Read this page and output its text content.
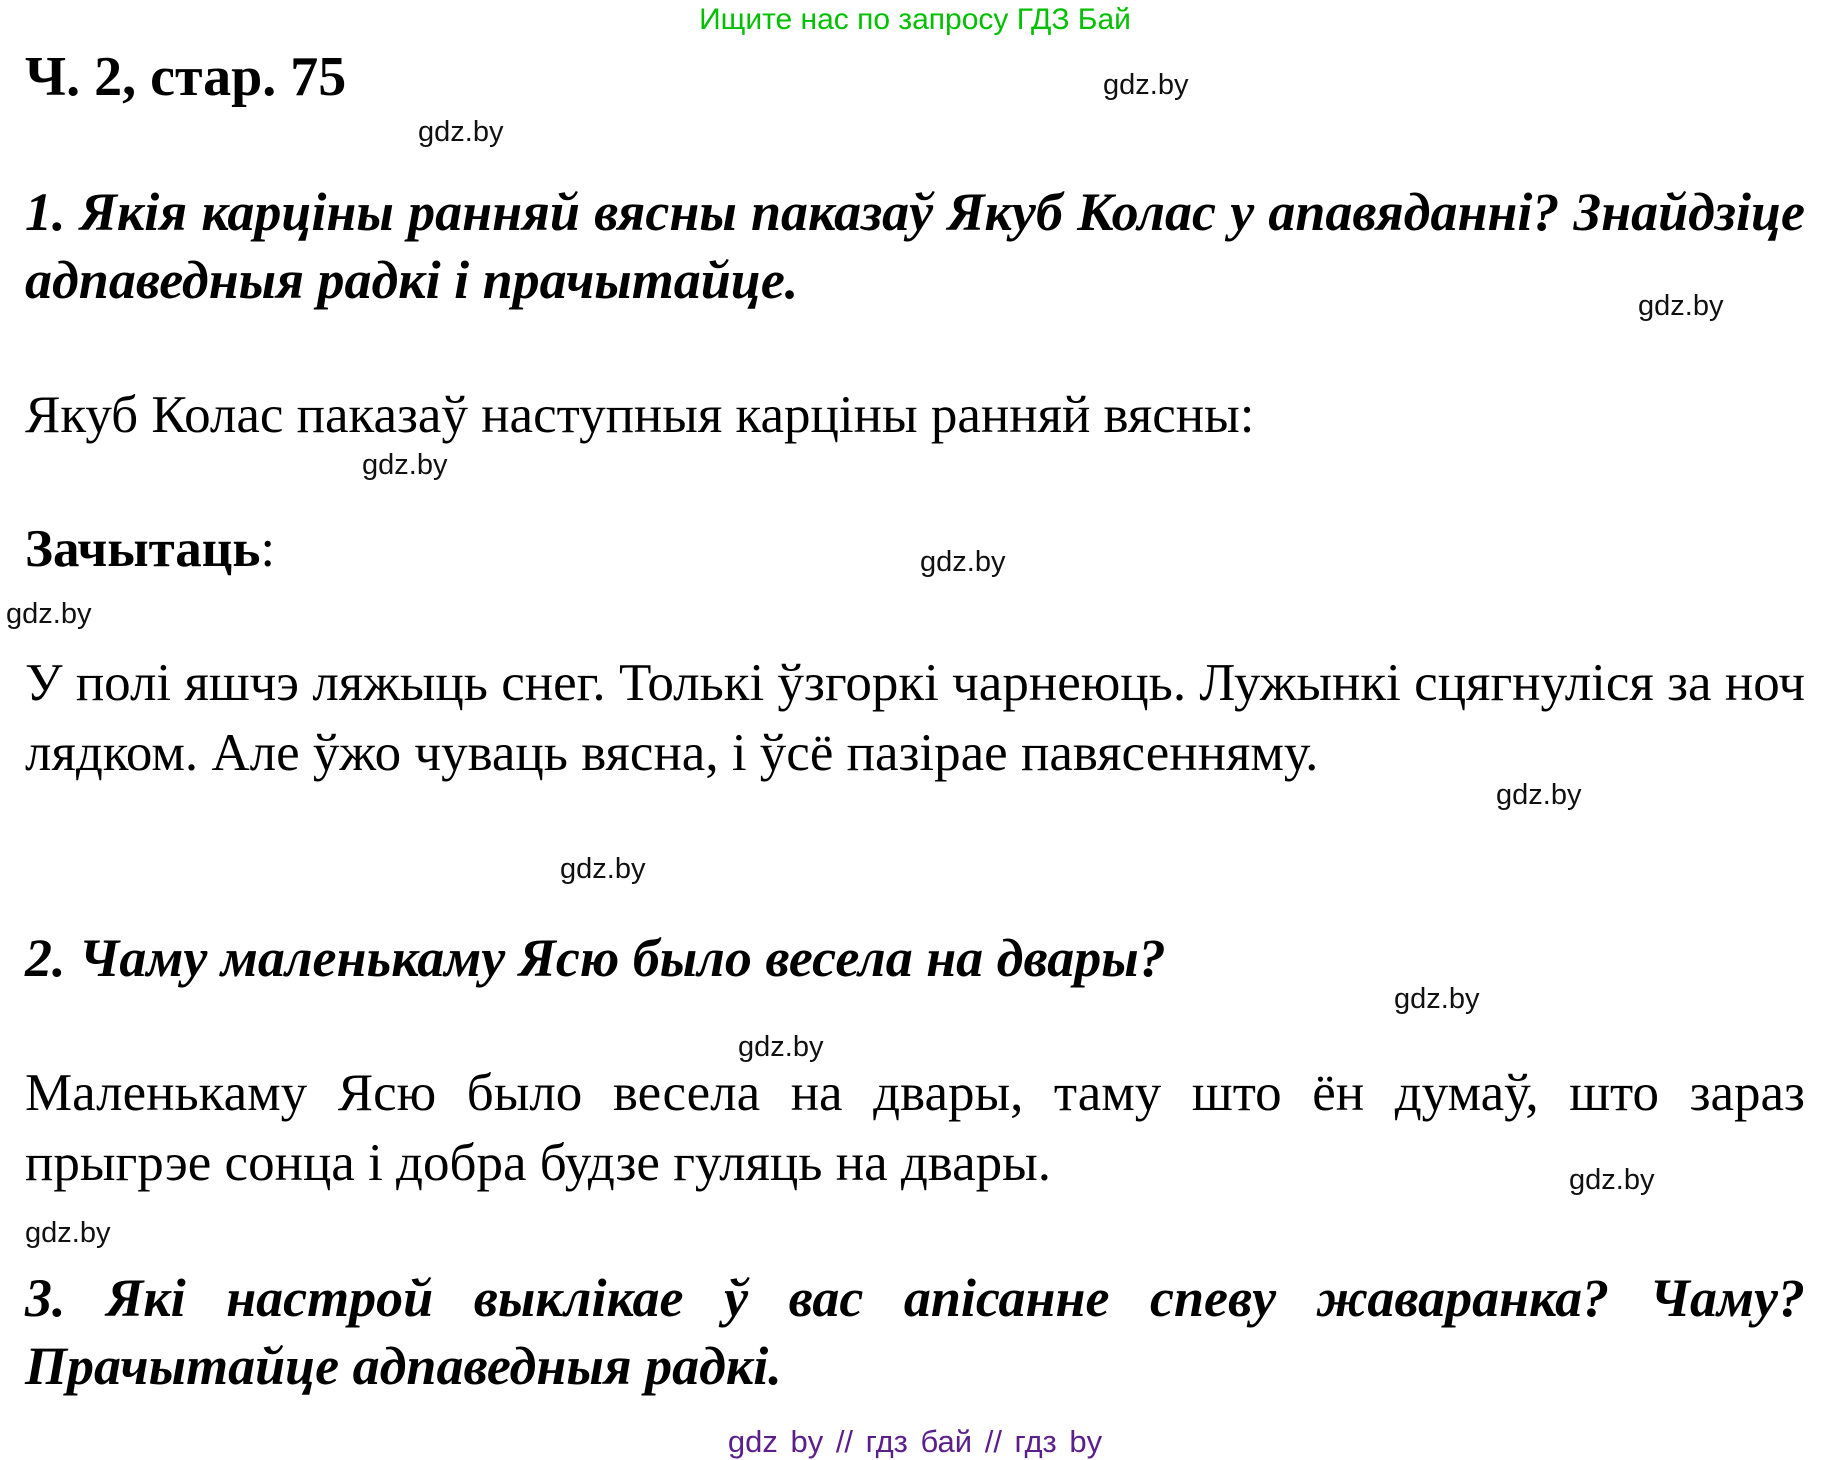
Ищите нас по запросу ГДЗ Бай
Ч. 2, стар. 75

1. Якія карціны ранняй вясны паказаў Якуб Колас у апавяданні? Знайдзіце адпаведныя радкі і прачытайце.

Якуб Колас паказаў наступныя карціны ранняй вясны:

Зачытаць:

У полі яшчэ ляжыць снег. Толькі ўзгоркі чарнеюць. Лужынкі сцягнуліся за ноч лядком. Але ўжо чуваць вясна, і ўсё пазірае павясенняму.

2. Чаму маленькаму Ясю было весела на двары?

Маленькаму Ясю было весела на двары, таму што ён думаў, што зараз прыгрэе сонца і добра будзе гуляць на двары.

3. Які настрой выклікае ў вас апісанне спеву жаваранка? Чаму? Прачытайце адпаведныя радкі.

gdz.by
gdz.by
gdz.by
gdz.by
gdz.by
gdz.by
gdz.by
gdz.by
gdz.by
gdz.by
gdz.by
gdz.by
gdz by // гдз бай // гдз by
